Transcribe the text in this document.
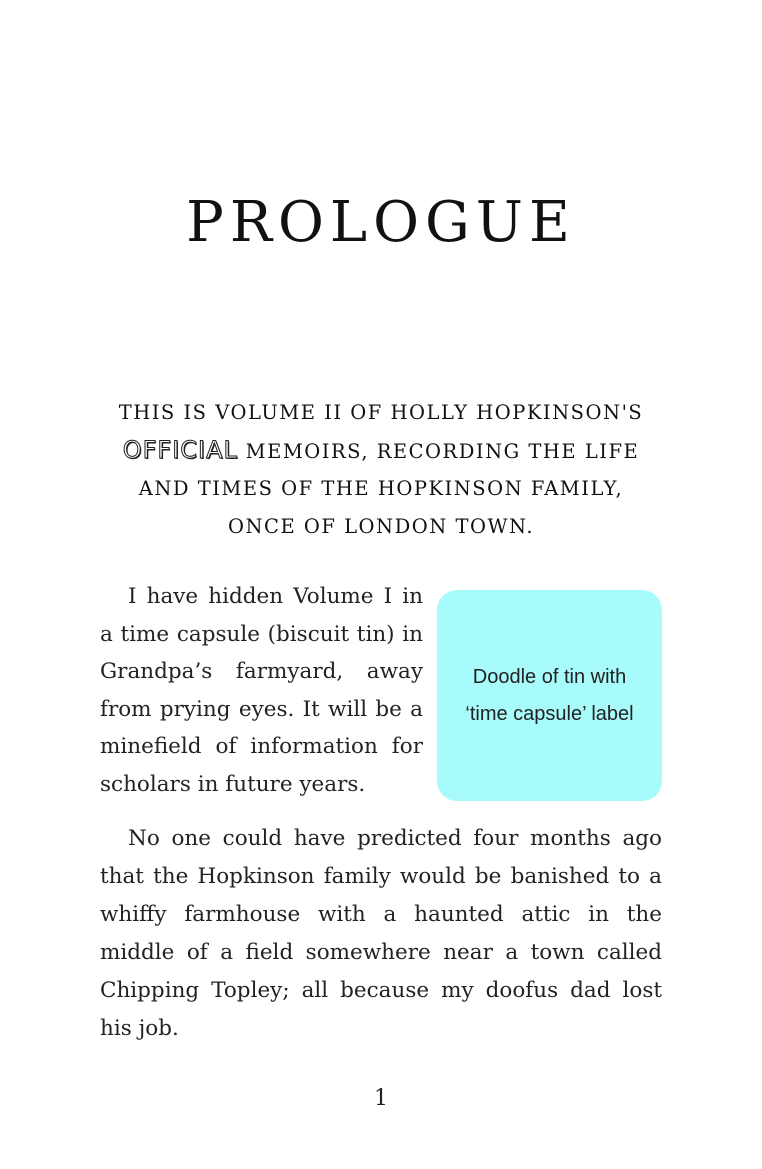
PROLOGUE
THIS IS VOLUME II OF HOLLY HOPKINSON'S
OFFICIAL MEMOIRS, RECORDING THE LIFE
AND TIMES OF THE HOPKINSON FAMILY,
ONCE OF LONDON TOWN.
I have hidden Volume I in a time capsule (biscuit tin) in Grandpa’s farmyard, away from prying eyes. It will be a minefield of information for scholars in future years.
Doodle of tin with ‘time capsule’ label
No one could have predicted four months ago that the Hopkinson family would be banished to a whiffy farmhouse with a haunted attic in the middle of a field somewhere near a town called Chipping Topley; all because my doofus dad lost his job.
1
